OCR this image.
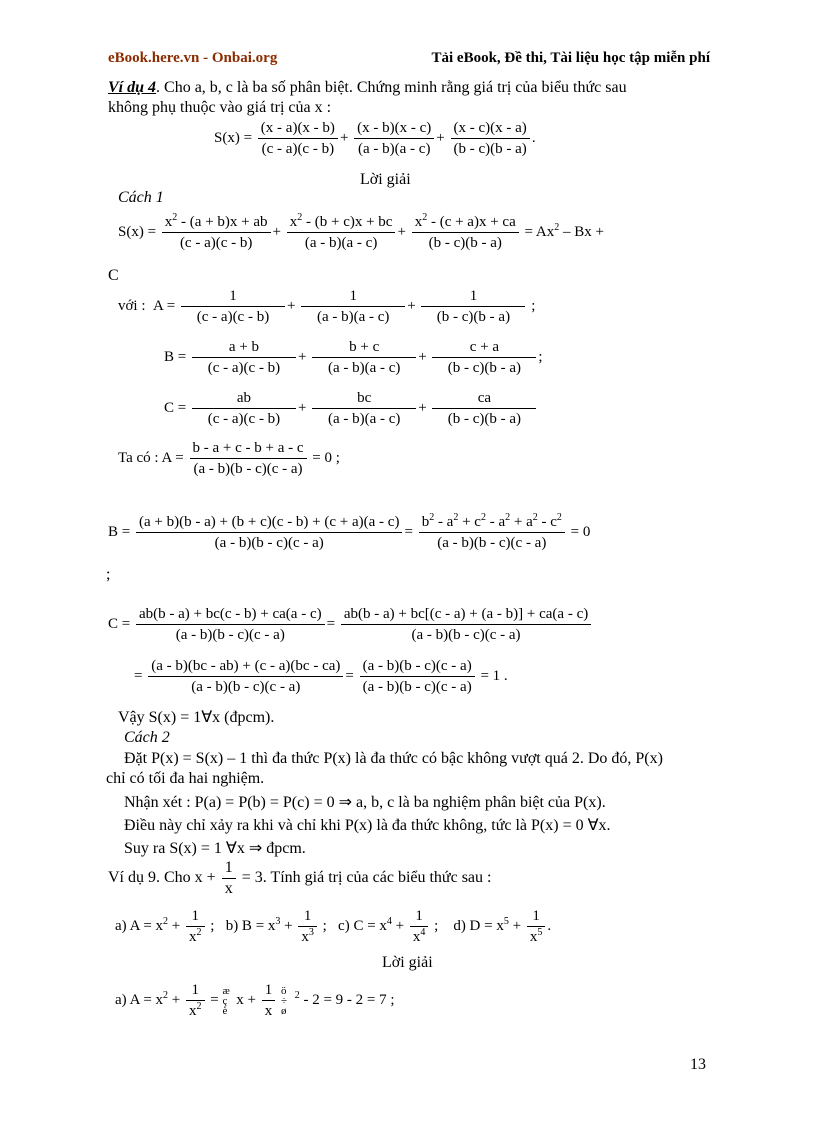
eBook.here.vn - Onbai.org	Tải eBook, Đề thi, Tài liệu học tập miễn phí
Ví dụ 4. Cho a, b, c là ba số phân biệt. Chứng minh rằng giá trị của biểu thức sau
không phụ thuộc vào giá trị của x :
$S(x) = \frac{(x - a)(x - b)}{(c - a)(c - b)} + \frac{(x - b)(x - c)}{(a - b)(a - c)} + \frac{(x - c)(x - a)}{(b - c)(b - a)}$ .
Lời giải
Cách 1
$S(x) = \frac{x^2 - (a + b)x + ab}{(c - a)(c - b)} + \frac{x^2 - (b + c)x + bc}{(a - b)(a - c)} + \frac{x^2 - (c + a)x + ca}{(b - c)(b - a)} = Ax^2 - Bx$ +
C
với : $A = \frac{1}{(c - a)(c - b)} + \frac{1}{(a - b)(a - c)} + \frac{1}{(b - c)(b - a)}$ ;
$B = \frac{a + b}{(c - a)(c - b)} + \frac{b + c}{(a - b)(a - c)} + \frac{c + a}{(b - c)(b - a)}$ ;
$C = \frac{ab}{(c - a)(c - b)} + \frac{bc}{(a - b)(a - c)} + \frac{ca}{(b - c)(b - a)}$
Ta có : $A = \frac{b - a + c - b + a - c}{(a - b)(b - c)(c - a)} = 0$ ;
$B = \frac{(a + b)(b - a) + (b + c)(c - b) + (c + a)(a - c)}{(a - b)(b - c)(c - a)} = \frac{b^2 - a^2 + c^2 - a^2 + a^2 - c^2}{(a - b)(b - c)(c - a)} = 0$
;
$C = \frac{ab(b - a) + bc(c - b) + ca(a - c)}{(a - b)(b - c)(c - a)} = \frac{ab(b - a) + bc[(c - a) + (a - b)] + ca(a - c)}{(a - b)(b - c)(c - a)}$
= $\frac{(a - b)(bc - ab) + (c - a)(bc - ca)}{(a - b)(b - c)(c - a)} = \frac{(a - b)(b - c)(c - a)}{(a - b)(b - c)(c - a)} = 1$ .
Vậy S(x) = 1∀x (đpcm).
Cách 2
Đặt P(x) = S(x) – 1 thì đa thức P(x) là đa thức có bậc không vượt quá 2. Do đó, P(x)
chỉ có tối đa hai nghiệm.
Nhận xét : P(a) = P(b) = P(c) = 0 ⇒ a, b, c là ba nghiệm phân biệt của P(x).
Điều này chỉ xảy ra khi và chỉ khi P(x) là đa thức không, tức là P(x) = 0 ∀x.
Suy ra S(x) = 1 ∀x ⇒ đpcm.
Ví dụ 9. Cho $x + \frac{1}{x} = 3$. Tính giá trị của các biểu thức sau :
a) $A = x^2 + \frac{1}{x^2}$ ;   b) $B = x^3 + \frac{1}{x^3}$ ;   c) $C = x^4 + \frac{1}{x^4}$ ;    d) $D = x^5 + \frac{1}{x^5}$ .
Lời giải
a) $A = x^2 + \frac{1}{x^2}$ = æ ç è $x + \frac{1}{x}$ ö ÷ ø $^2$ - 2 = 9 - 2 = 7 ;
13
